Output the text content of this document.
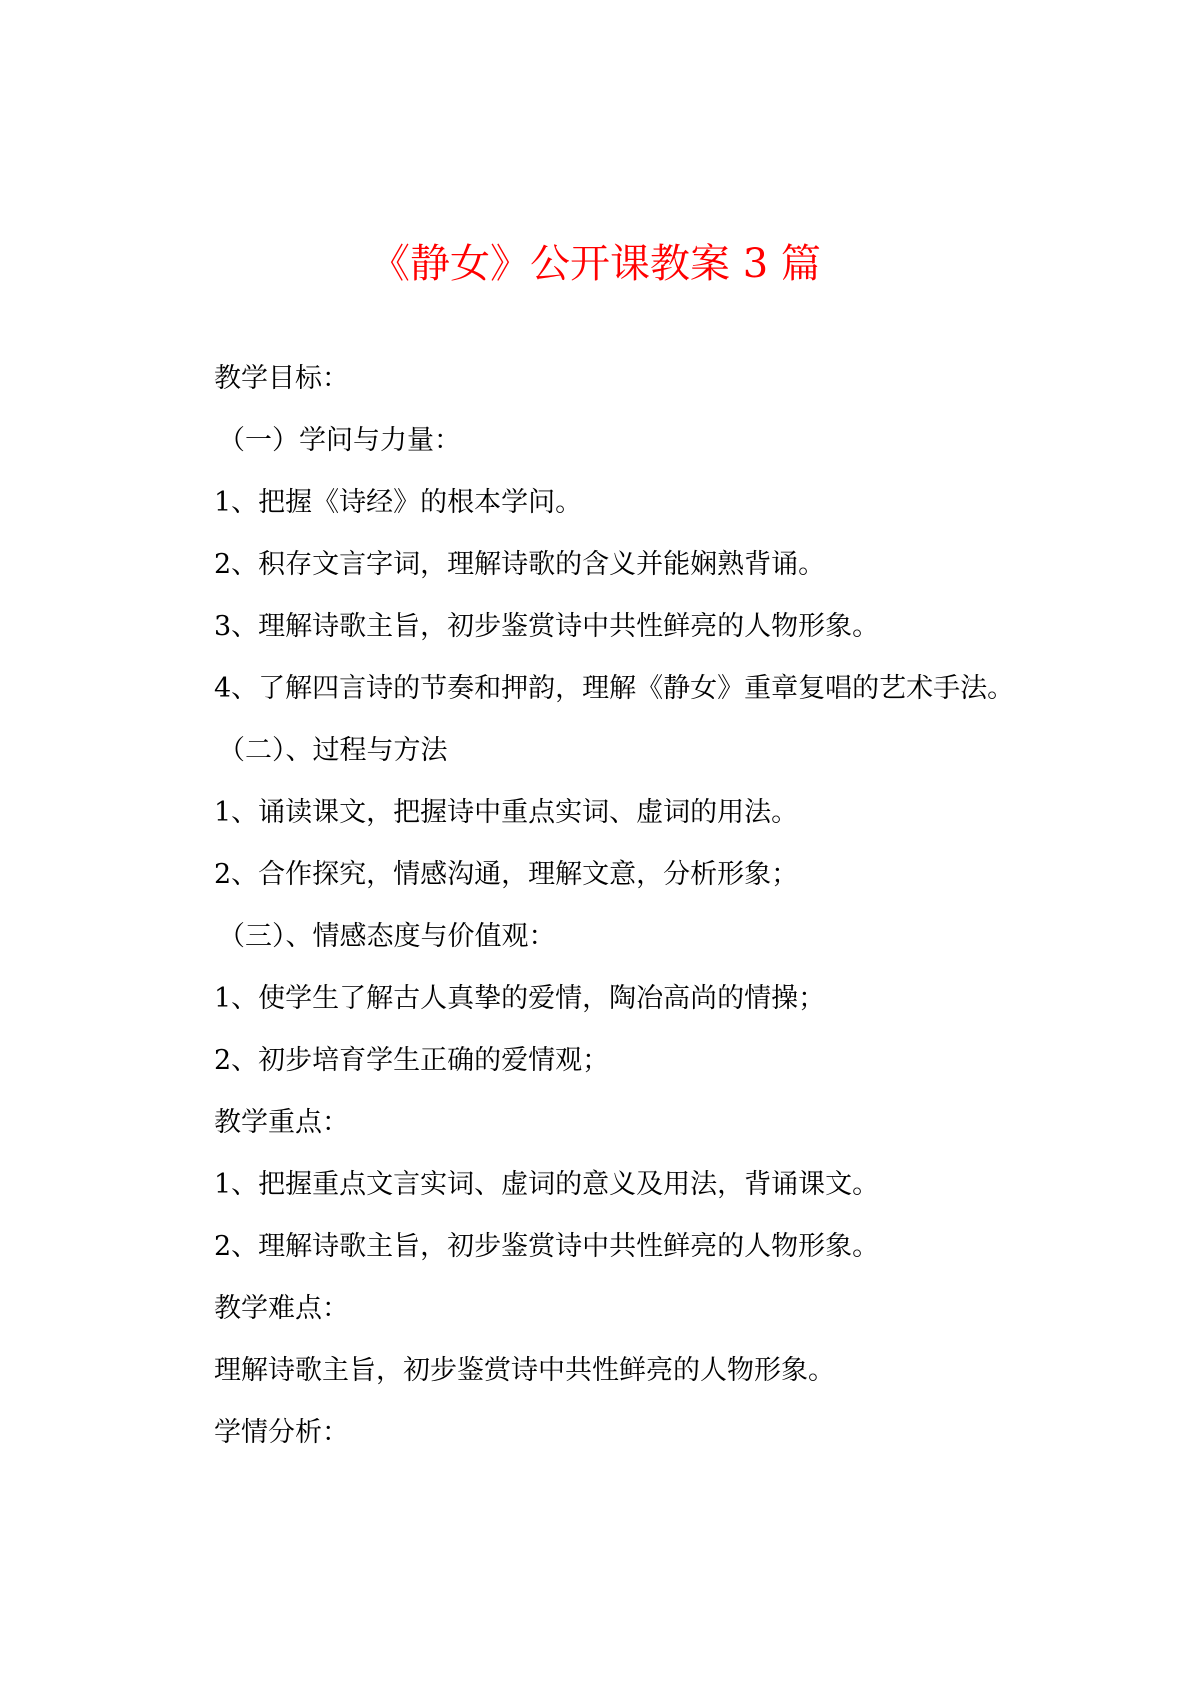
《静女》公开课教案 3 篇
教学目标：
（一）学问与力量：
1、把握《诗经》的根本学问。
2、积存文言字词，理解诗歌的含义并能娴熟背诵。
3、理解诗歌主旨，初步鉴赏诗中共性鲜亮的人物形象。
4、了解四言诗的节奏和押韵，理解《静女》重章复唱的艺术手法。
（二）、过程与方法
1、诵读课文，把握诗中重点实词、虚词的用法。
2、合作探究，情感沟通，理解文意，分析形象；
（三）、情感态度与价值观：
1、使学生了解古人真挚的爱情，陶冶高尚的情操；
2、初步培育学生正确的爱情观；
教学重点：
1、把握重点文言实词、虚词的意义及用法，背诵课文。
2、理解诗歌主旨，初步鉴赏诗中共性鲜亮的人物形象。
教学难点：
理解诗歌主旨，初步鉴赏诗中共性鲜亮的人物形象。
学情分析：
